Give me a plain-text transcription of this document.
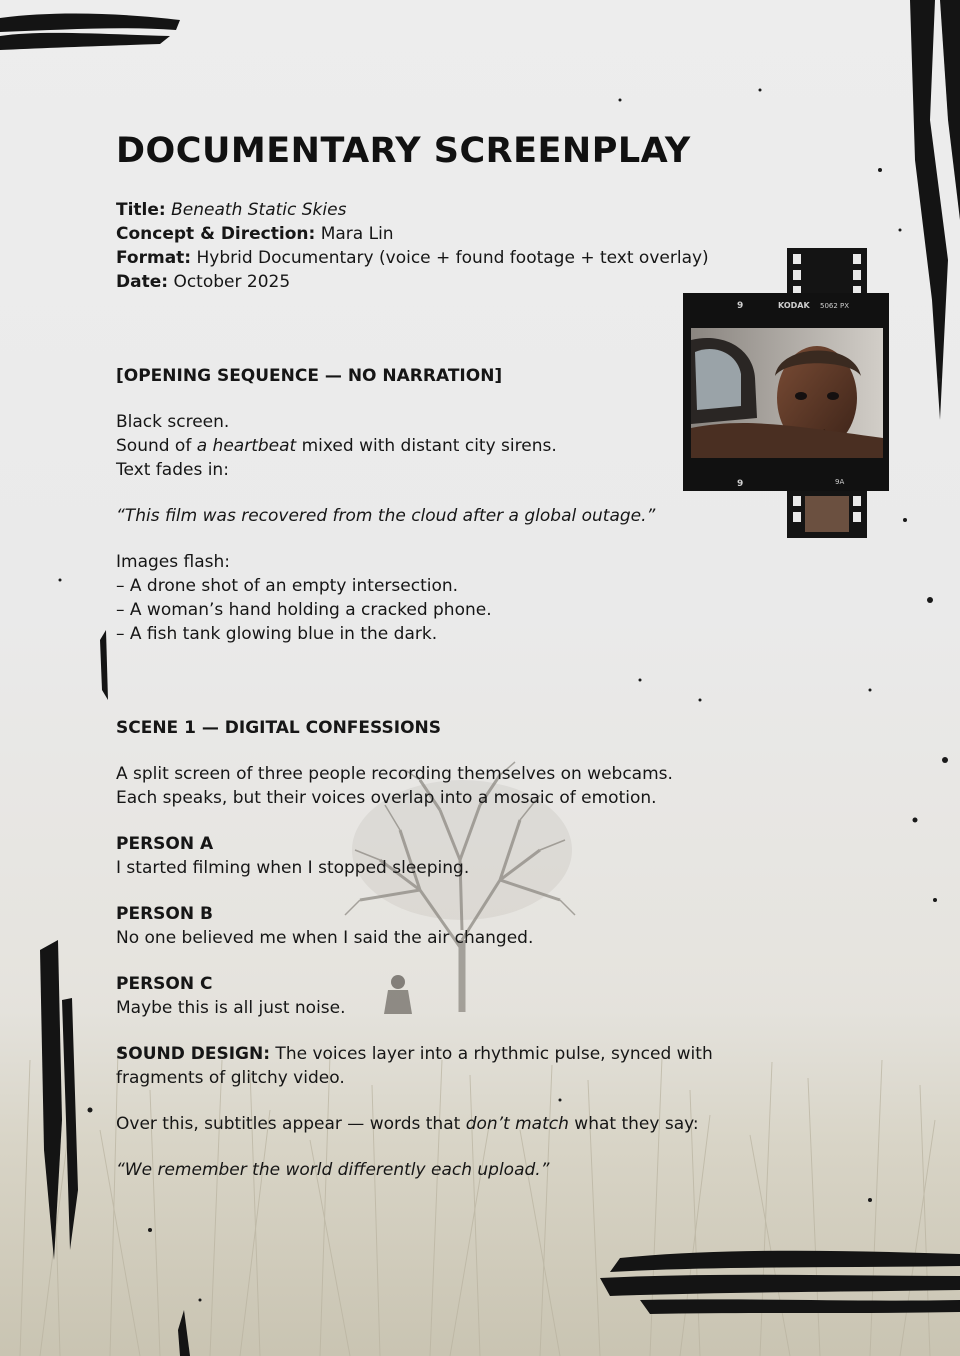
DOCUMENTARY SCREENPLAY
Title: Beneath Static Skies
Concept & Direction: Mara Lin
Format: Hybrid Documentary (voice + found footage + text overlay)
Date: October 2025
[OPENING SEQUENCE — NO NARRATION]
Black screen.
Sound of a heartbeat mixed with distant city sirens.
Text fades in:
“This film was recovered from the cloud after a global outage.”
Images flash:
– A drone shot of an empty intersection.
– A woman’s hand holding a cracked phone.
– A fish tank glowing blue in the dark.
SCENE 1 — DIGITAL CONFESSIONS
A split screen of three people recording themselves on webcams.
Each speaks, but their voices overlap into a mosaic of emotion.
PERSON A
I started filming when I stopped sleeping.
PERSON B
No one believed me when I said the air changed.
PERSON C
Maybe this is all just noise.
SOUND DESIGN: The voices layer into a rhythmic pulse, synced with
fragments of glitchy video.
Over this, subtitles appear — words that don’t match what they say:
“We remember the world differently each upload.”
9	KODAK 5062 PX
9	9A
